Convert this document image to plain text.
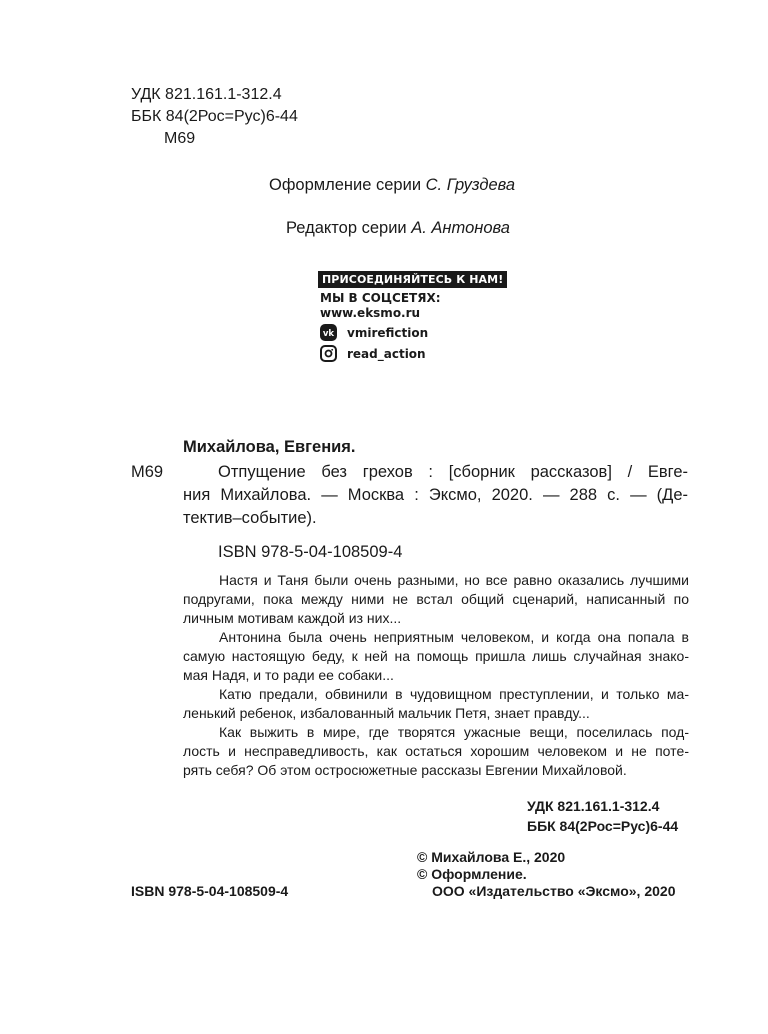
УДК 821.161.1-312.4
ББК 84(2Рос=Рус)6-44
М69
Оформление серии С. Груздева
Редактор серии А. Антонова
ПРИСОЕДИНЯЙТЕСЬ К НАМ!
МЫ В СОЦСЕТЯХ:
www.eksmo.ru
vk vmirefiction
read_action
Михайлова, Евгения.
М69	Отпущение без грехов : [сборник рассказов] / Евге-
ния Михайлова. — Москва : Эксмо, 2020. — 288 с. — (Де-
тектив–событие).
ISBN 978-5-04-108509-4
Настя и Таня были очень разными, но все равно оказались лучшими
подругами, пока между ними не встал общий сценарий, написанный по
личным мотивам каждой из них...
Антонина была очень неприятным человеком, и когда она попала в
самую настоящую беду, к ней на помощь пришла лишь случайная знако-
мая Надя, и то ради ее собаки...
Катю предали, обвинили в чудовищном преступлении, и только ма-
ленький ребенок, избалованный мальчик Петя, знает правду...
Как выжить в мире, где творятся ужасные вещи, поселилась под-
лость и несправедливость, как остаться хорошим человеком и не потe-
рять себя? Об этом остросюжетные рассказы Евгении Михайловой.
УДК 821.161.1-312.4
ББК 84(2Рос=Рус)6-44
ISBN 978-5-04-108509-4
© Михайлова Е., 2020
© Оформление.
ООО «Издательство «Эксмо», 2020
